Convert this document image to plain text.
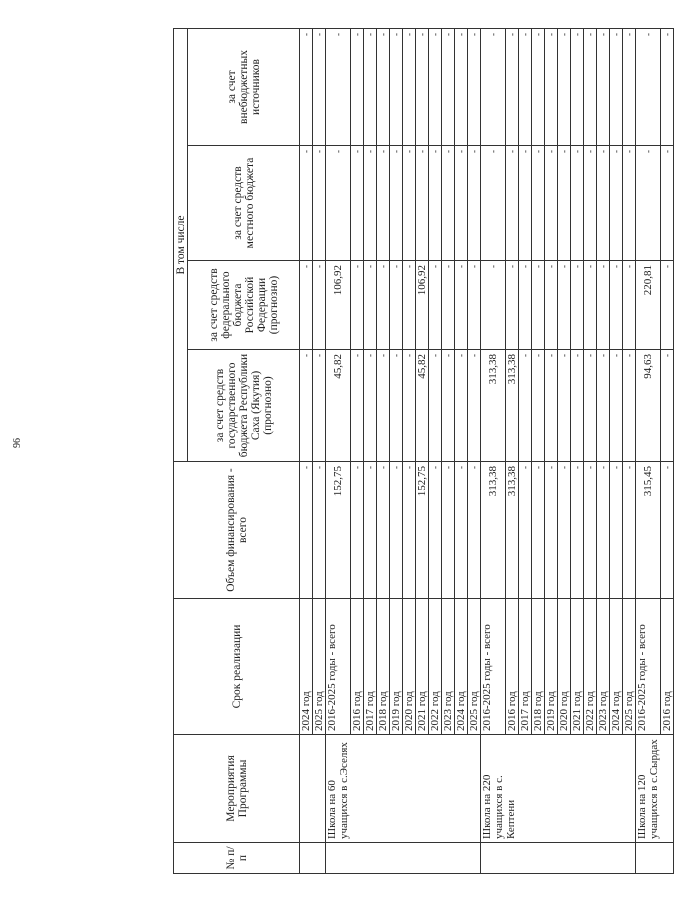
96
№ п/п	Мероприятия Программы	Срок реализации	Объем финансирования - всего	В том числе			
				за счет средств государственного бюджета Республики Саха (Якутия) (прогнозно)	за счет средств федерального бюджета Российской Федерации (прогнозно)	за счет средств местного бюджета	за счет внебюджетных источников
		2024 год	-	-	-	-	-
		2025 год	-	-	-	-	-
	Школа на 60 учащихся в с.Эселях	2016-2025 годы - всего	152,75	45,82	106,92	-	-
		2016 год	-	-	-	-	-
		2017 год	-	-	-	-	-
		2018 год	-	-	-	-	-
		2019 год	-	-	-	-	-
		2020 год	-	-	-	-	-
		2021 год	152,75	45,82	106,92	-	-
		2022 год	-	-	-	-	-
		2023 год	-	-	-	-	-
		2024 год	-	-	-	-	-
		2025 год	-	-	-	-	-
	Школа на 220 учащихся в с. Кептени	2016-2025 годы - всего	313,38	313,38	-	-	-
		2016 год	313,38	313,38	-	-	-
		2017 год	-	-	-	-	-
		2018 год	-	-	-	-	-
		2019 год	-	-	-	-	-
		2020 год	-	-	-	-	-
		2021 год	-	-	-	-	-
		2022 год	-	-	-	-	-
		2023 год	-	-	-	-	-
		2024 год	-	-	-	-	-
		2025 год	-	-	-	-	-
	Школа на 120 учащихся в с.Сырдах	2016-2025 годы - всего	315,45	94,63	220,81	-	-
		2016 год	-	-	-	-	-
